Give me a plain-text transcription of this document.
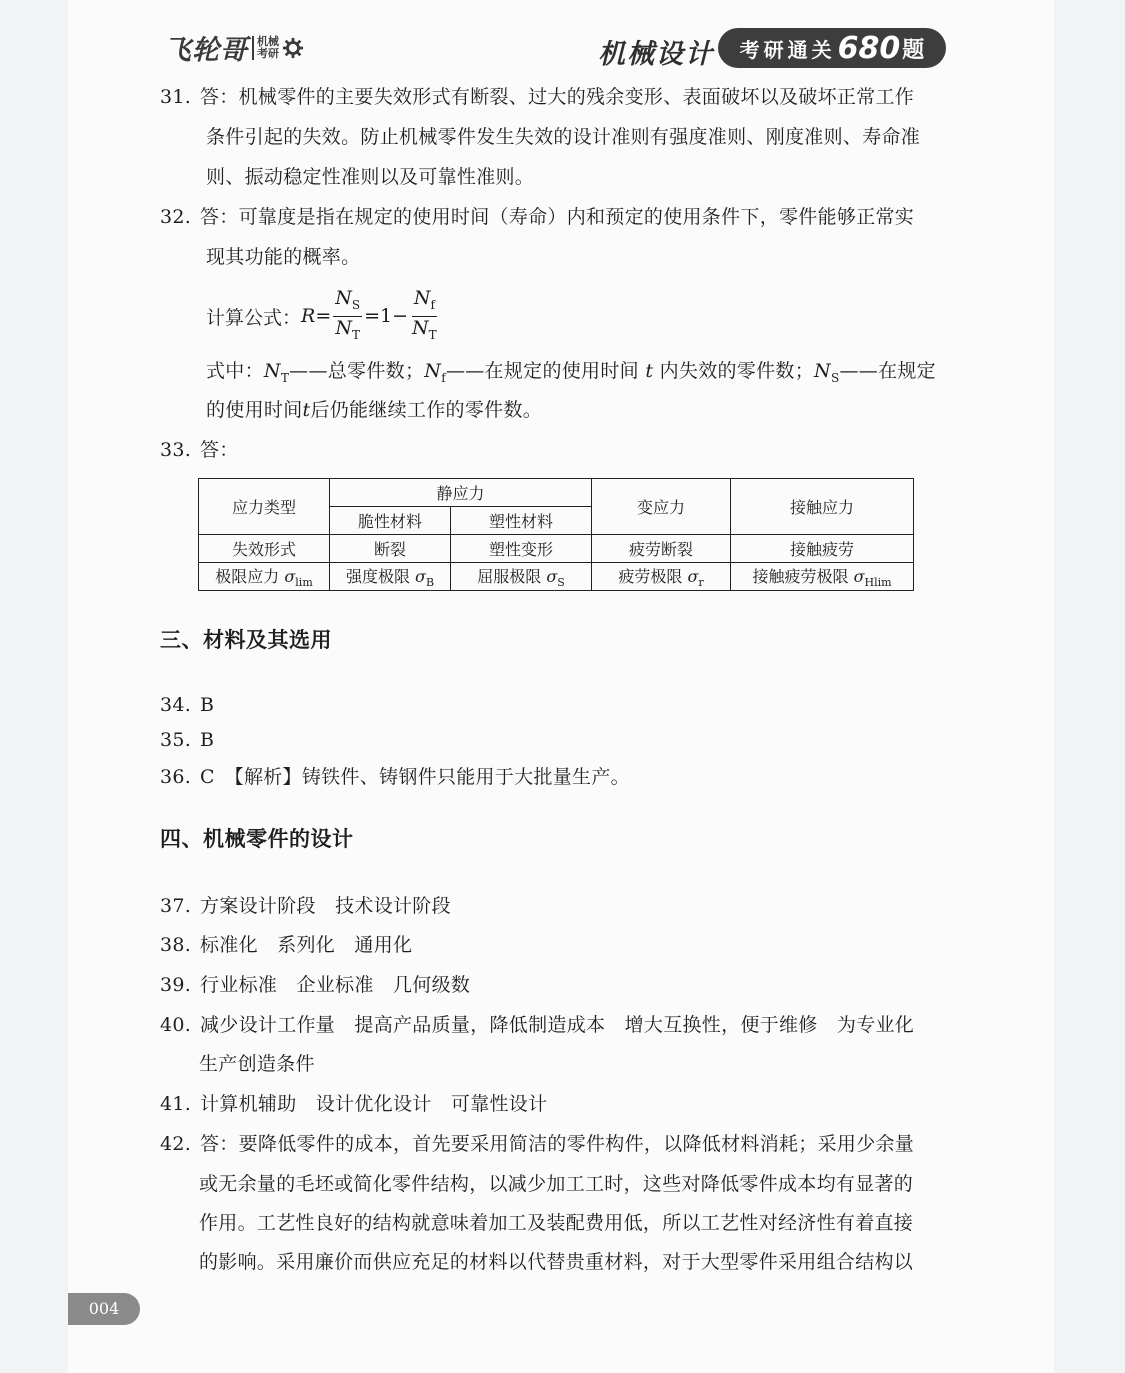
飞轮哥 机械
考研	机械设计 考研通关 680 题
31. 答：机械零件的主要失效形式有断裂、过大的残余变形、表面破坏以及破坏正常工作
条件引起的失效。防止机械零件发生失效的设计准则有强度准则、刚度准则、寿命准
则、振动稳定性准则以及可靠性准则。
32. 答：可靠度是指在规定的使用时间（寿命）内和预定的使用条件下，零件能够正常实
现其功能的概率。
计算公式： $R = \frac{N_S}{N_T} =1- \frac{N_f}{N_T}$
式中：$N_T——$总零件数；$N_f——$在规定的使用时间 t 内失效的零件数；$N_S——$在规定
的使用时间t后仍能继续工作的零件数。
33. 答：
应力类型	静应力		变应力	接触应力
	脆性材料	塑性材料		
失效形式	断裂	塑性变形	疲劳断裂	接触疲劳
极限应力 $\sigma_{lim}$	强度极限 $\sigma_B$	屈服极限 $\sigma_S$	疲劳极限 $\sigma_r$	接触疲劳极限 $\sigma_{Hlim}$
三、材料及其选用
34. B
35. B
36. C　【解析】铸铁件、铸钢件只能用于大批量生产。
四、机械零件的设计
37. 方案设计阶段　技术设计阶段
38. 标准化　系列化　通用化
39. 行业标准　企业标准　几何级数
40. 减少设计工作量　提高产品质量，降低制造成本　增大互换性，便于维修　为专业化
生产创造条件
41. 计算机辅助　设计优化设计　可靠性设计
42. 答：要降低零件的成本，首先要采用简洁的零件构件，以降低材料消耗；采用少余量
或无余量的毛坯或简化零件结构，以减少加工工时，这些对降低零件成本均有显著的
作用。工艺性良好的结构就意味着加工及装配费用低，所以工艺性对经济性有着直接
的影响。采用廉价而供应充足的材料以代替贵重材料，对于大型零件采用组合结构以
004
